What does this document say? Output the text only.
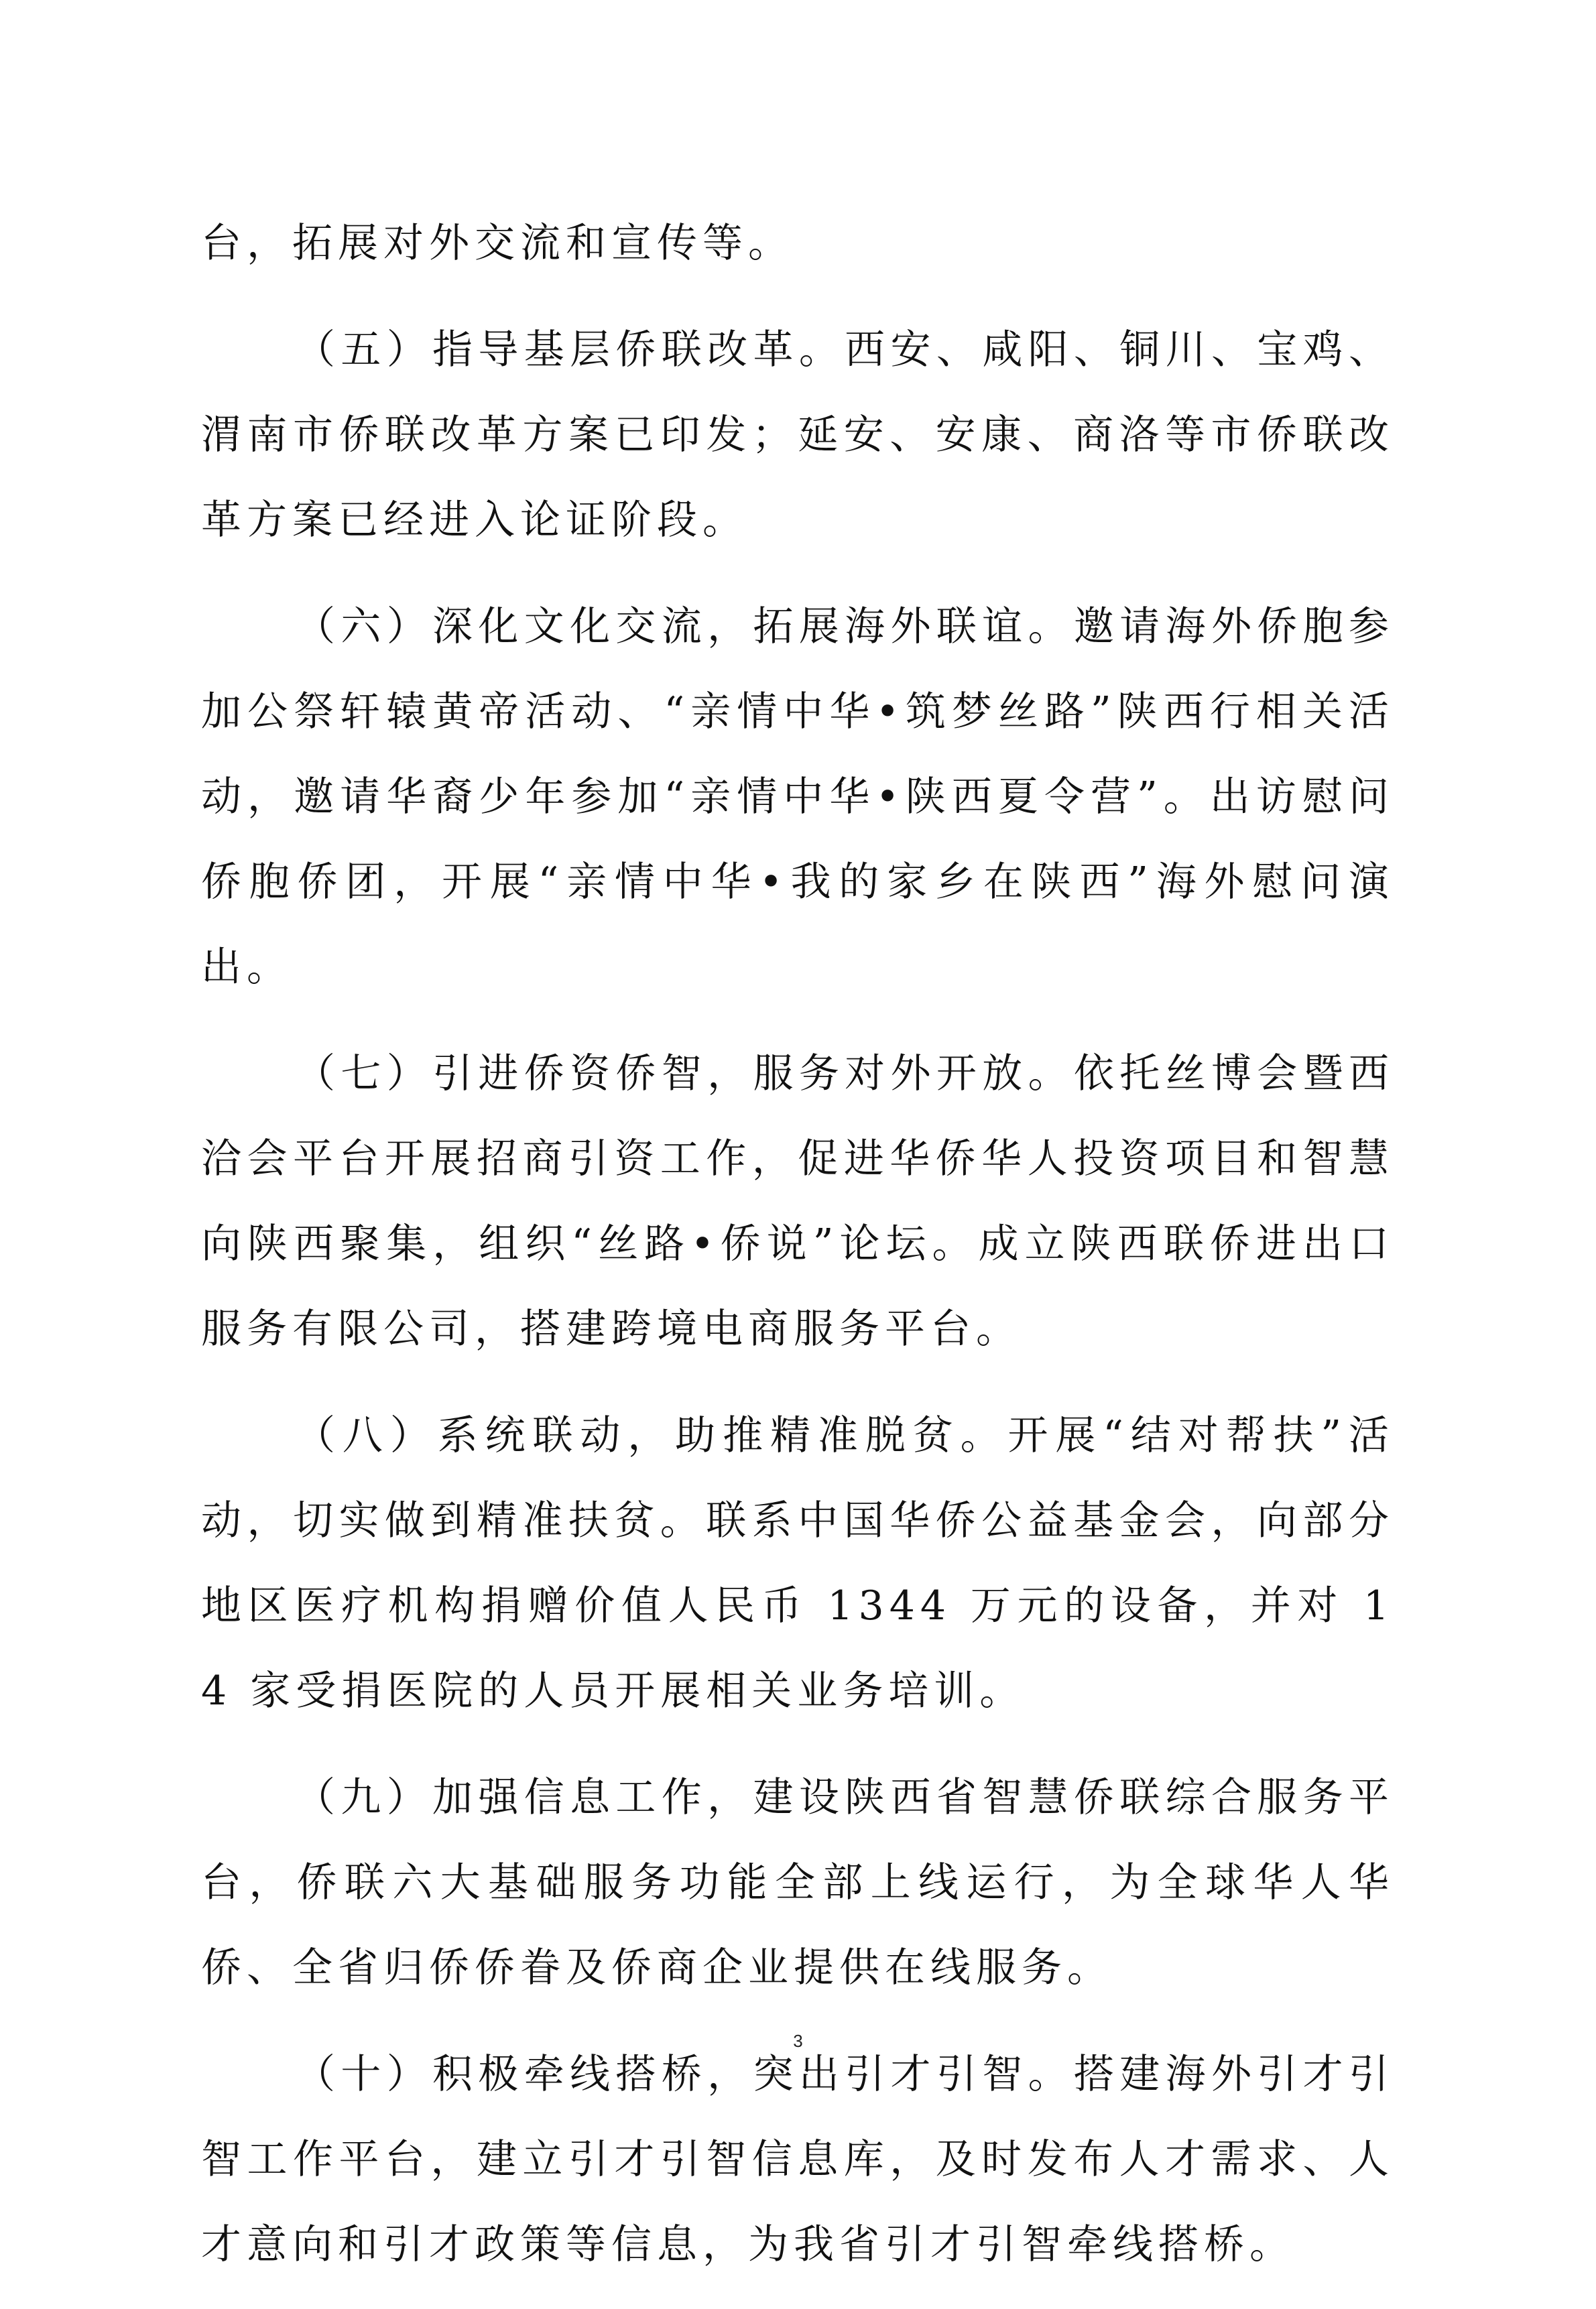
台，拓展对外交流和宣传等。

（五）指导基层侨联改革。西安、咸阳、铜川、宝鸡、渭南市侨联改革方案已印发；延安、安康、商洛等市侨联改革方案已经进入论证阶段。

（六）深化文化交流，拓展海外联谊。邀请海外侨胞参加公祭轩辕黄帝活动、“亲情中华•筑梦丝路”陕西行相关活动，邀请华裔少年参加“亲情中华•陕西夏令营”。出访慰问侨胞侨团，开展“亲情中华•我的家乡在陕西”海外慰问演出。

（七）引进侨资侨智，服务对外开放。依托丝博会暨西洽会平台开展招商引资工作，促进华侨华人投资项目和智慧向陕西聚集，组织“丝路•侨说”论坛。成立陕西联侨进出口服务有限公司，搭建跨境电商服务平台。

（八）系统联动，助推精准脱贫。开展“结对帮扶”活动，切实做到精准扶贫。联系中国华侨公益基金会，向部分地区医疗机构捐赠价值人民币 1344 万元的设备，并对 14 家受捐医院的人员开展相关业务培训。

（九）加强信息工作，建设陕西省智慧侨联综合服务平台，侨联六大基础服务功能全部上线运行，为全球华人华侨、全省归侨侨眷及侨商企业提供在线服务。

（十）积极牵线搭桥，突出引才引智。搭建海外引才引智工作平台，建立引才引智信息库，及时发布人才需求、人才意向和引才政策等信息，为我省引才引智牵线搭桥。

3
